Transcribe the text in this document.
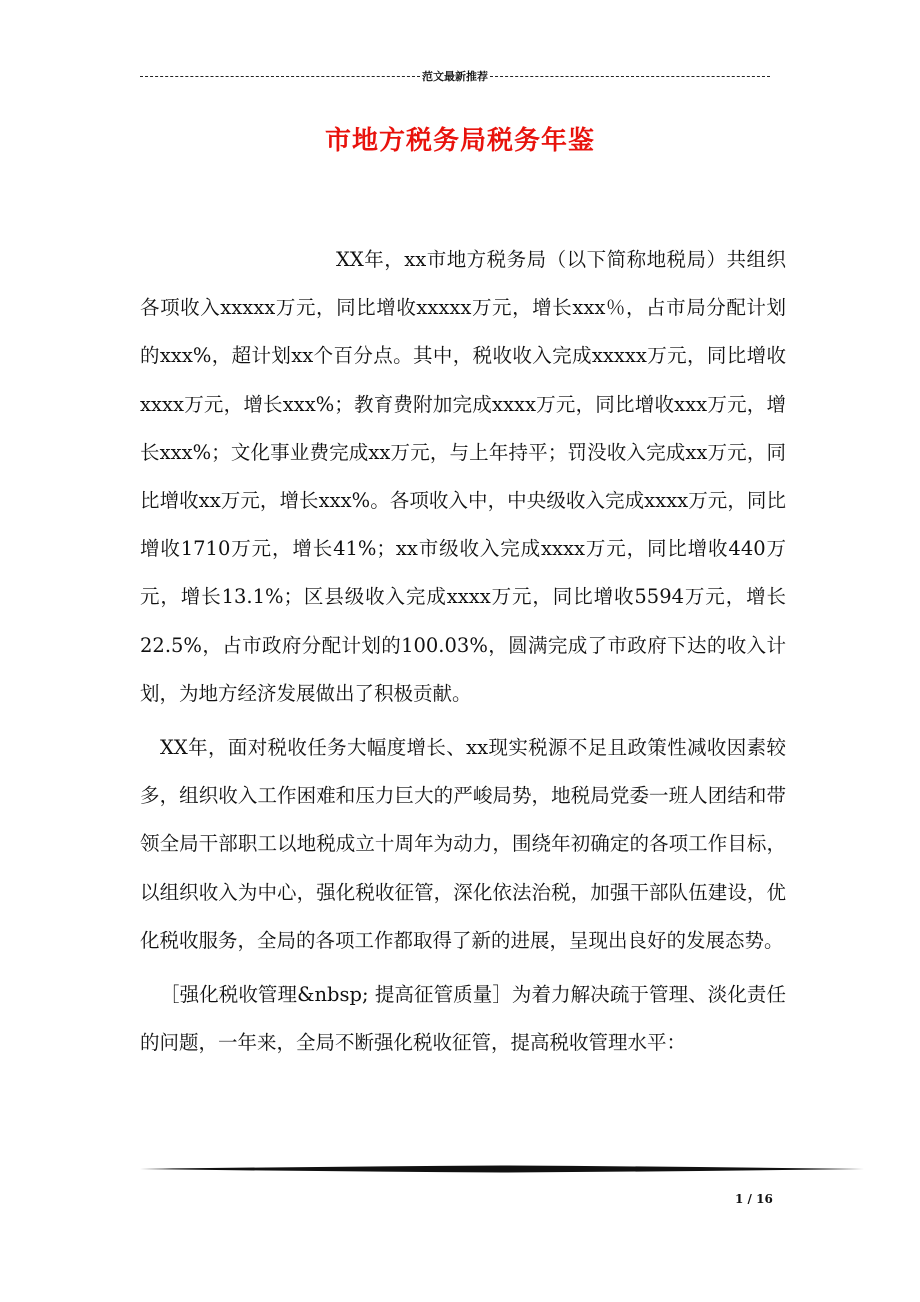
范文最新推荐
市地方税务局税务年鉴

XX年，xx市地方税务局（以下简称地税局）共组织各项收入xxxxx万元，同比增收xxxxx万元，增长xxx％，占市局分配计划的xxx%，超计划xx个百分点。其中，税收收入完成xxxxx万元，同比增收xxxx万元，增长xxx%；教育费附加完成xxxx万元，同比增收xxx万元，增长xxx%；文化事业费完成xx万元，与上年持平；罚没收入完成xx万元，同比增收xx万元，增长xxx%。各项收入中，中央级收入完成xxxx万元，同比增收1710万元，增长41%；xx市级收入完成xxxx万元，同比增收440万元，增长13.1%；区县级收入完成xxxx万元，同比增收5594万元，增长22.5%，占市政府分配计划的100.03%，圆满完成了市政府下达的收入计划，为地方经济发展做出了积极贡献。

XX年，面对税收任务大幅度增长、xx现实税源不足且政策性减收因素较多，组织收入工作困难和压力巨大的严峻局势，地税局党委一班人团结和带领全局干部职工以地税成立十周年为动力，围绕年初确定的各项工作目标，以组织收入为中心，强化税收征管，深化依法治税，加强干部队伍建设，优化税收服务，全局的各项工作都取得了新的进展，呈现出良好的发展态势。

［强化税收管理&nbsp; 提高征管质量］为着力解决疏于管理、淡化责任的问题，一年来，全局不断强化税收征管，提高税收管理水平：

1 / 16
